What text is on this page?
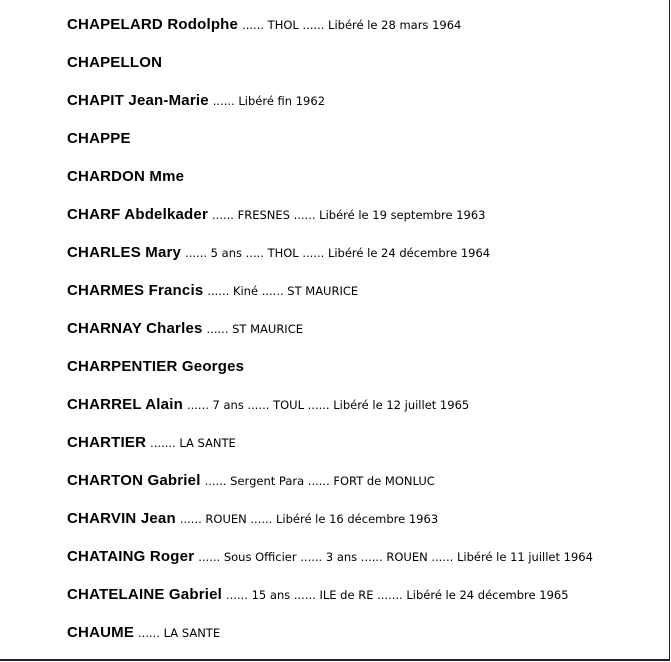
CHAPELARD Rodolphe ...... THOL ...... Libéré le 28 mars 1964
CHAPELLON
CHAPIT Jean-Marie ...... Libéré fin 1962
CHAPPE
CHARDON Mme
CHARF Abdelkader ...... FRESNES ...... Libéré le 19 septembre 1963
CHARLES Mary ...... 5 ans ..... THOL ...... Libéré le 24 décembre 1964
CHARMES Francis ...... Kiné ...... ST MAURICE
CHARNAY Charles ...... ST MAURICE
CHARPENTIER Georges
CHARREL Alain ...... 7 ans ...... TOUL ...... Libéré le 12 juillet 1965
CHARTIER ....... LA SANTE
CHARTON Gabriel ...... Sergent Para ...... FORT de MONLUC
CHARVIN Jean ...... ROUEN ...... Libéré le 16 décembre 1963
CHATAING Roger ...... Sous Officier ...... 3 ans ...... ROUEN ...... Libéré le 11 juillet 1964
CHATELAINE Gabriel ...... 15 ans ...... ILE de RE ....... Libéré le 24 décembre 1965
CHAUME ...... LA SANTE
